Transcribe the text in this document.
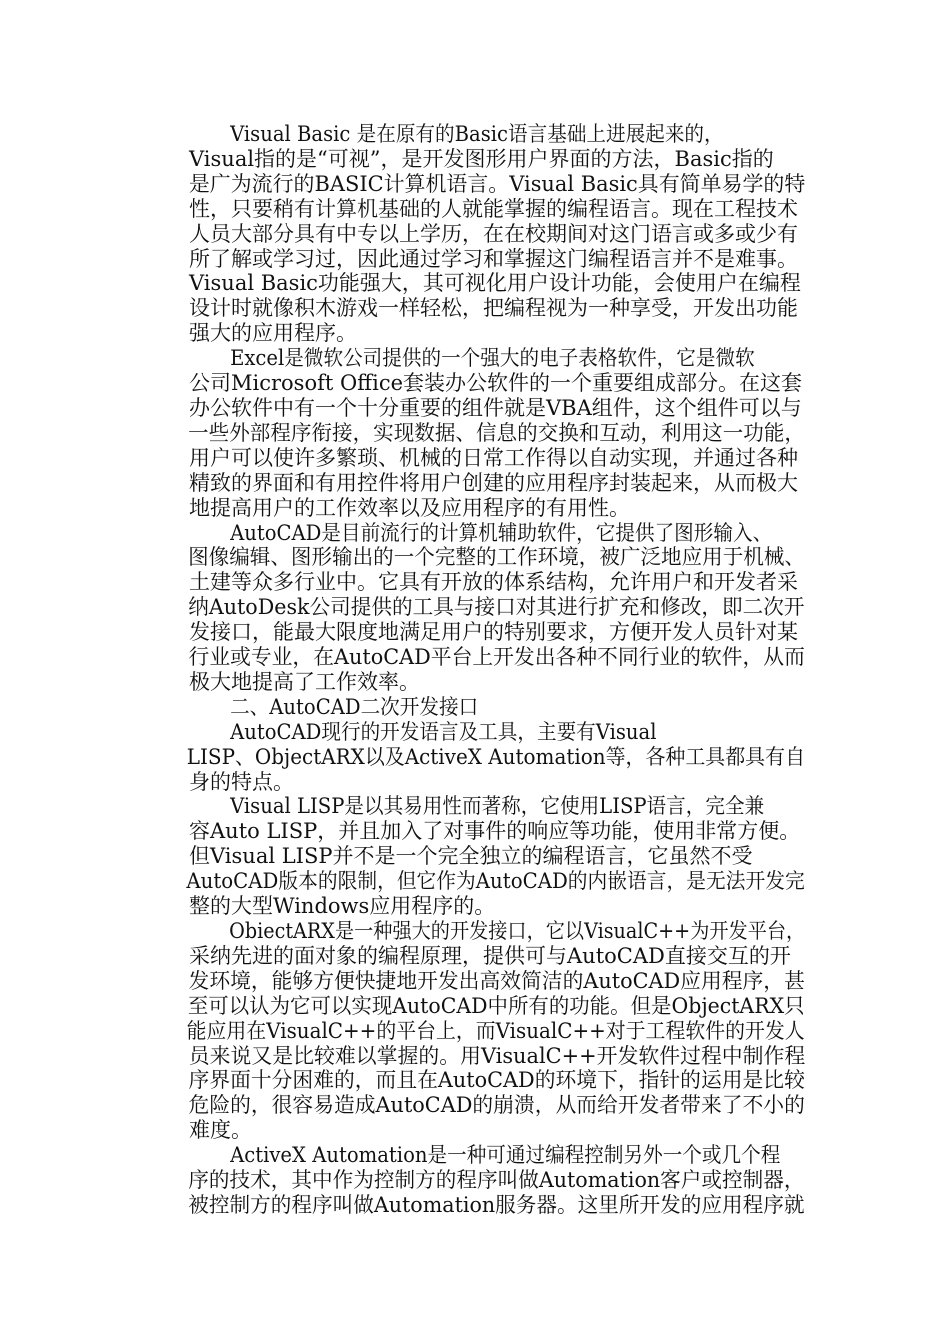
Visual Basic 是在原有的Basic语言基础上进展起来的，
Visual指的是“可视”，是开发图形用户界面的方法，Basic指的
是广为流行的BASIC计算机语言。Visual Basic具有简单易学的特
性，只要稍有计算机基础的人就能掌握的编程语言。现在工程技术
人员大部分具有中专以上学历，在在校期间对这门语言或多或少有
所了解或学习过，因此通过学习和掌握这门编程语言并不是难事。
Visual Basic功能强大，其可视化用户设计功能，会使用户在编程
设计时就像积木游戏一样轻松，把编程视为一种享受，开发出功能
强大的应用程序。

Excel是微软公司提供的一个强大的电子表格软件，它是微软
公司Microsoft Office套装办公软件的一个重要组成部分。在这套
办公软件中有一个十分重要的组件就是VBA组件，这个组件可以与
一些外部程序衔接，实现数据、信息的交换和互动，利用这一功能，
用户可以使许多繁琐、机械的日常工作得以自动实现，并通过各种
精致的界面和有用控件将用户创建的应用程序封装起来，从而极大
地提高用户的工作效率以及应用程序的有用性。

AutoCAD是目前流行的计算机辅助软件，它提供了图形输入、 图像编辑、图形输出的一个完整的工作环境，被广泛地应用于机械、
土建等众多行业中。它具有开放的体系结构，允许用户和开发者采
纳AutoDesk公司提供的工具与接口对其进行扩充和修改，即二次开
发接口，能最大限度地满足用户的特别要求，方便开发人员针对某
行业或专业，在AutoCAD平台上开发出各种不同行业的软件，从而
极大地提高了工作效率。

二、AutoCAD二次开发接口

AutoCAD现行的开发语言及工具，主要有Visual LISP、ObjectARX以及ActiveX Automation等，各种工具都具有自
身的特点。

Visual LISP是以其易用性而著称，它使用LISP语言，完全兼
容Auto LISP，并且加入了对事件的响应等功能，使用非常方便。
但Visual LISP并不是一个完全独立的编程语言，它虽然不受
AutoCAD版本的限制，但它作为AutoCAD的内嵌语言，是无法开发完
整的大型Windows应用程序的。

ObiectARX是一种强大的开发接口，它以VisualC++为开发平台，
采纳先进的面对象的编程原理，提供可与AutoCAD直接交互的开
发环境，能够方便快捷地开发出高效简洁的AutoCAD应用程序，甚 至可以认为它可以实现AutoCAD中所有的功能。但是ObjectARX只 能应用在VisualC++的平台上，而VisualC++对于工程软件的开发人 员来说又是比较难以掌握的。用VisualC++开发软件过程中制作程 序界面十分困难的，而且在AutoCAD的环境下，指针的运用是比较 危险的，很容易造成AutoCAD的崩溃，从而给开发者带来了不小的
难度。

ActiveX Automation是一种可通过编程控制另外一个或几个程 序的技术，其中作为控制方的程序叫做Automation客户或控制器， 被控制方的程序叫做Automation服务器。这里所开发的应用程序就
